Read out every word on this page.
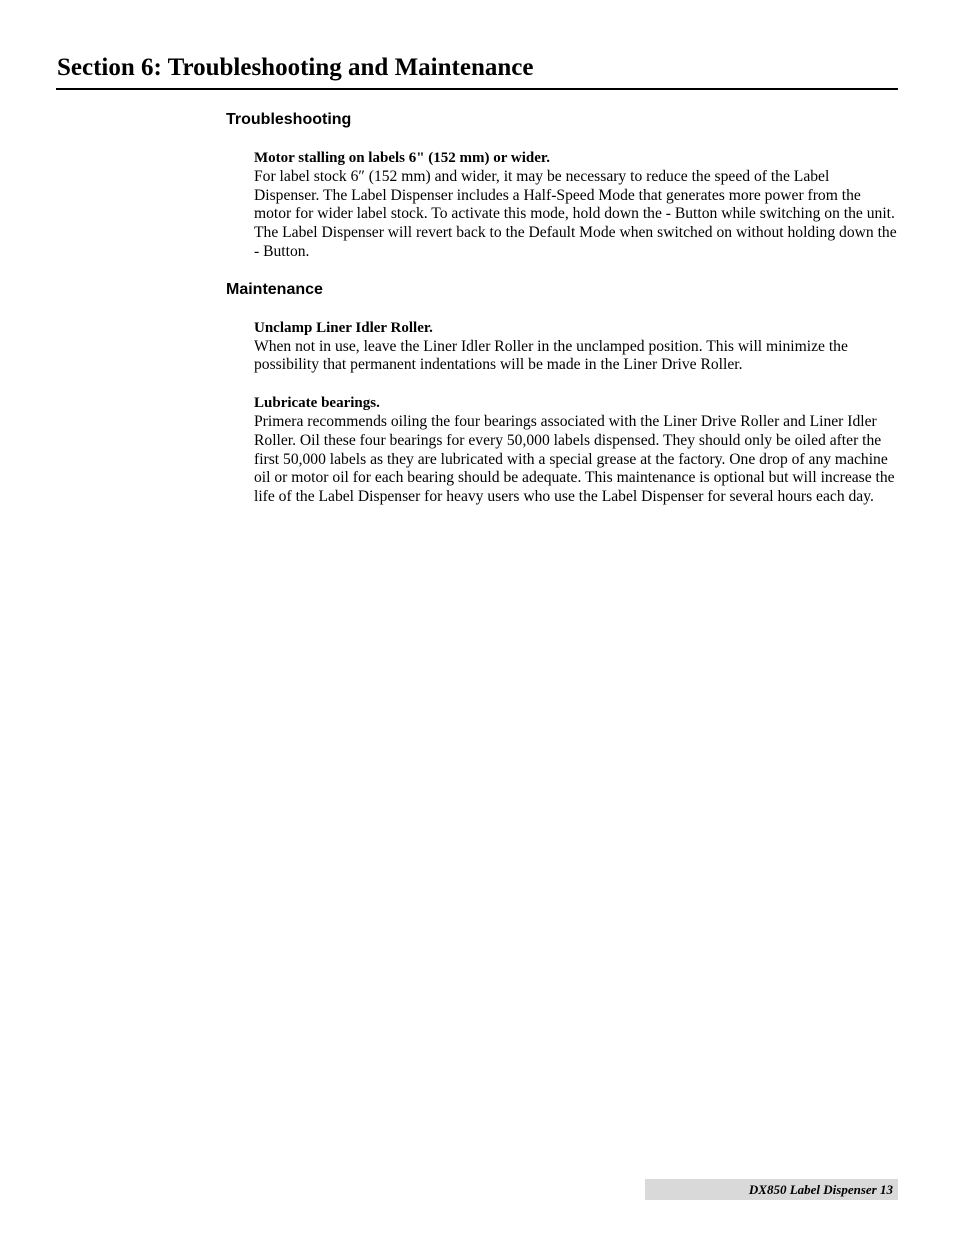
Section 6: Troubleshooting and Maintenance
Troubleshooting
Motor stalling on labels 6" (152 mm) or wider.
For label stock 6″ (152 mm) and wider, it may be necessary to reduce the speed of the Label Dispenser. The Label Dispenser includes a Half-Speed Mode that generates more power from the motor for wider label stock. To activate this mode, hold down the - Button while switching on the unit. The Label Dispenser will revert back to the Default Mode when switched on without holding down the - Button.
Maintenance
Unclamp Liner Idler Roller.
When not in use, leave the Liner Idler Roller in the unclamped position. This will minimize the possibility that permanent indentations will be made in the Liner Drive Roller.
Lubricate bearings.
Primera recommends oiling the four bearings associated with the Liner Drive Roller and Liner Idler Roller. Oil these four bearings for every 50,000 labels dispensed. They should only be oiled after the first 50,000 labels as they are lubricated with a special grease at the factory. One drop of any machine oil or motor oil for each bearing should be adequate. This maintenance is optional but will increase the life of the Label Dispenser for heavy users who use the Label Dispenser for several hours each day.
DX850 Label Dispenser 13
